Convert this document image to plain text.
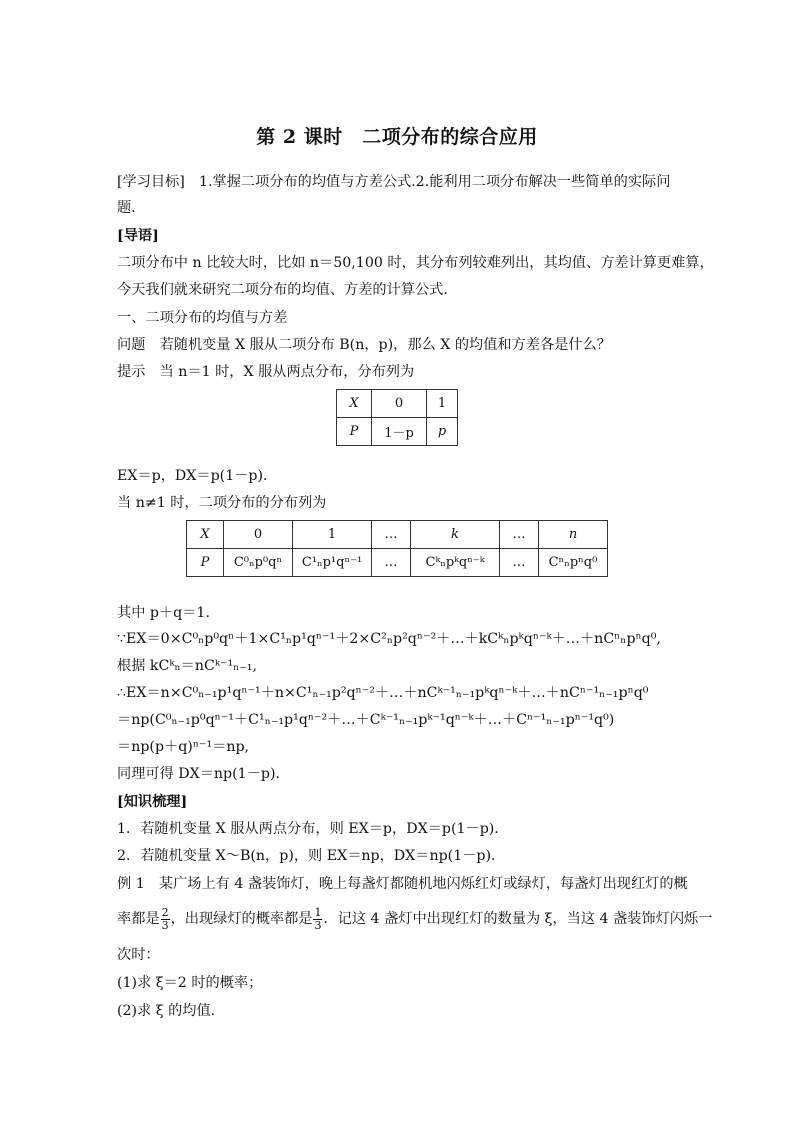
第 2 课时　二项分布的综合应用
[学习目标]　1.掌握二项分布的均值与方差公式.2.能利用二项分布解决一些简单的实际问
题．
[导语]
二项分布中 n 比较大时，比如 n＝50,100 时，其分布列较难列出，其均值、方差计算更难算，
今天我们就来研究二项分布的均值、方差的计算公式．
一、二项分布的均值与方差
问题　若随机变量 X 服从二项分布 B(n，p)，那么 X 的均值和方差各是什么？
提示　当 n＝1 时，X 服从两点分布，分布列为
X	0	1
P	1－p	p
EX＝p，DX＝p(1－p)．
当 n≠1 时，二项分布的分布列为
X	0	1	…	k	…	n
P	C⁰ₙp⁰qⁿ	C¹ₙp¹qⁿ⁻¹	…	Cᵏₙpᵏqⁿ⁻ᵏ	…	Cⁿₙpⁿq⁰
其中 p＋q＝1.
∵EX＝0×C⁰ₙp⁰qⁿ＋1×C¹ₙp¹qⁿ⁻¹＋2×C²ₙp²qⁿ⁻²＋…＋kCᵏₙpᵏqⁿ⁻ᵏ＋…＋nCⁿₙpⁿq⁰,
根据 kCᵏₙ＝nCᵏ⁻¹ₙ₋₁,
∴EX＝n×C⁰ₙ₋₁p¹qⁿ⁻¹＋n×C¹ₙ₋₁p²qⁿ⁻²＋…＋nCᵏ⁻¹ₙ₋₁pᵏqⁿ⁻ᵏ＋…＋nCⁿ⁻¹ₙ₋₁pⁿq⁰
＝np(C⁰ₙ₋₁p⁰qⁿ⁻¹＋C¹ₙ₋₁p¹qⁿ⁻²＋…＋Cᵏ⁻¹ₙ₋₁pᵏ⁻¹qⁿ⁻ᵏ＋…＋Cⁿ⁻¹ₙ₋₁pⁿ⁻¹q⁰)
＝np(p＋q)ⁿ⁻¹＝np,
同理可得 DX＝np(1－p)．
[知识梳理]
1．若随机变量 X 服从两点分布，则 EX＝p，DX＝p(1－p)．
2．若随机变量 X～B(n，p)，则 EX＝np，DX＝np(1－p)．
例 1　某广场上有 4 盏装饰灯，晚上每盏灯都随机地闪烁红灯或绿灯，每盏灯出现红灯的概
率都是 $\frac{2}{3}$ ，出现绿灯的概率都是 $\frac{1}{3}$ ．记这 4 盏灯中出现红灯的数量为 ξ，当这 4 盏装饰灯闪烁一
次时：
(1)求 ξ＝2 时的概率；
(2)求 ξ 的均值．
